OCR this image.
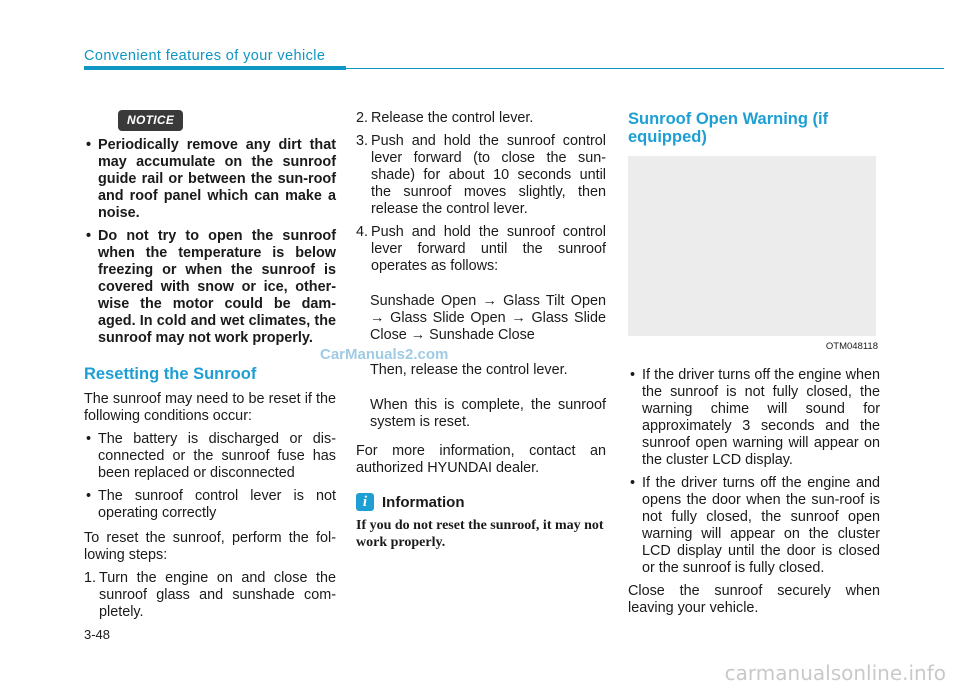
Convenient features of your vehicle
NOTICE
• Periodically remove any dirt that may accumulate on the sunroof guide rail or between the sun-roof and roof panel which can make a noise.
• Do not try to open the sunroof when the temperature is below freezing or when the sunroof is covered with snow or ice, other-wise the motor could be dam-aged. In cold and wet climates, the sunroof may not work properly.
Resetting the Sunroof

The sunroof may need to be reset if the following conditions occur:

• The battery is discharged or dis-connected or the sunroof fuse has been replaced or disconnected
• The sunroof control lever is not operating correctly

To reset the sunroof, perform the fol-lowing steps:

1. Turn the engine on and close the sunroof glass and sunshade com-pletely.
2. Release the control lever.
3. Push and hold the sunroof control lever forward (to close the sun-shade) for about 10 seconds until the sunroof moves slightly, then release the control lever.
4. Push and hold the sunroof control lever forward until the sunroof operates as follows:

Sunshade Open → Glass Tilt Open → Glass Slide Open → Glass Slide Close → Sunshade Close

Then, release the control lever.

When this is complete, the sunroof system is reset.

For more information, contact an authorized HYUNDAI dealer.

i Information

If you do not reset the sunroof, it may not work properly.

Sunroof Open Warning (if equipped)
OTM048118
• If the driver turns off the engine when the sunroof is not fully closed, the warning chime will sound for approximately 3 seconds and the sunroof open warning will appear on the cluster LCD display.
• If the driver turns off the engine and opens the door when the sun-roof is not fully closed, the sunroof open warning will appear on the cluster LCD display until the door is closed or the sunroof is fully closed.

Close the sunroof securely when leaving your vehicle.

CarManuals2.com
3-48
carmanualsonline.info
